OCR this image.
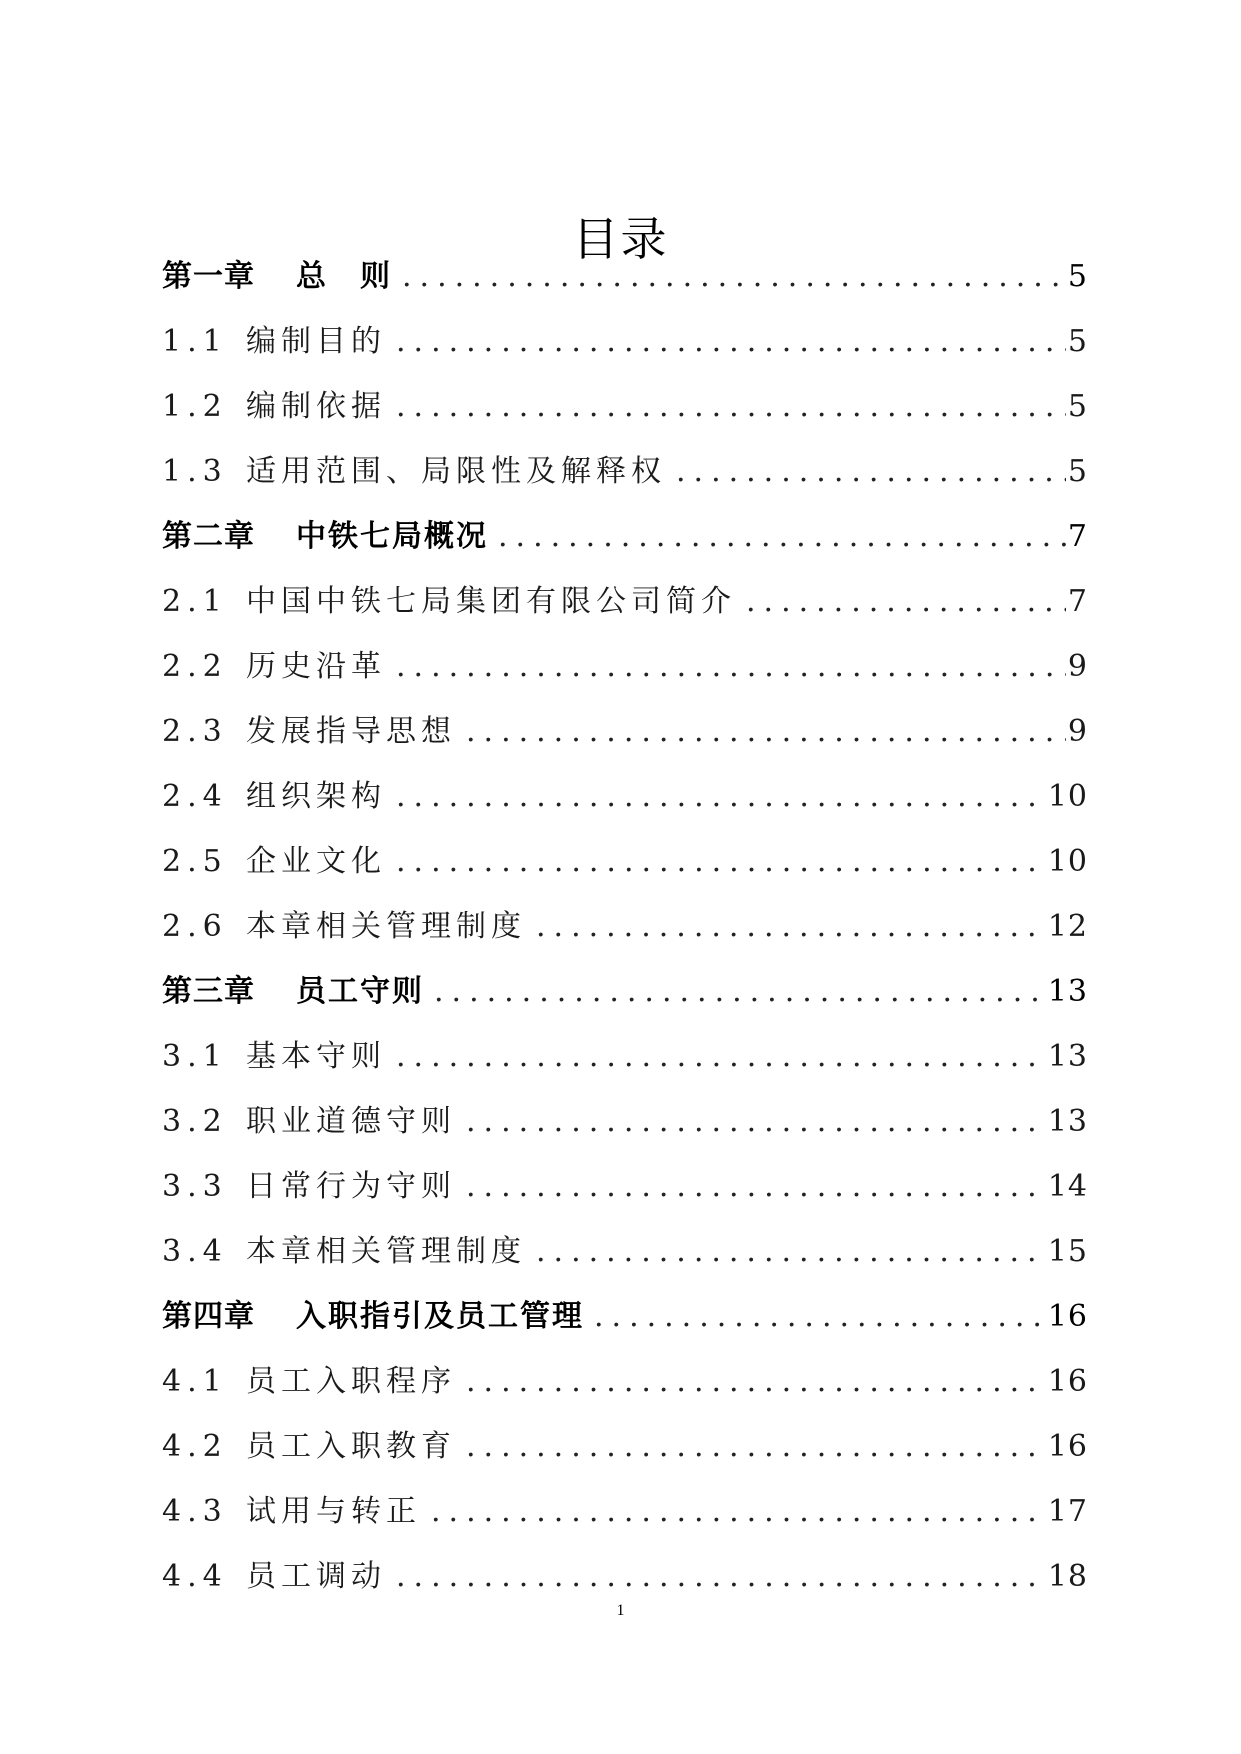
目录
第一章	总　则 .....	5
1.1 编制目的 .....	5
1.2 编制依据 .....	5
1.3 适用范围、局限性及解释权 .....	5
第二章	中铁七局概况 .....	7
2.1 中国中铁七局集团有限公司简介 .....	7
2.2 历史沿革 .....	9
2.3 发展指导思想 .....	9
2.4 组织架构 .....	10
2.5 企业文化 .....	10
2.6 本章相关管理制度 .....	12
第三章	员工守则 .....	13
3.1 基本守则 .....	13
3.2 职业道德守则 .....	13
3.3 日常行为守则 .....	14
3.4 本章相关管理制度 .....	15
第四章	入职指引及员工管理 .....	16
4.1 员工入职程序 .....	16
4.2 员工入职教育 .....	16
4.3 试用与转正 .....	17
4.4 员工调动 .....	18
1
